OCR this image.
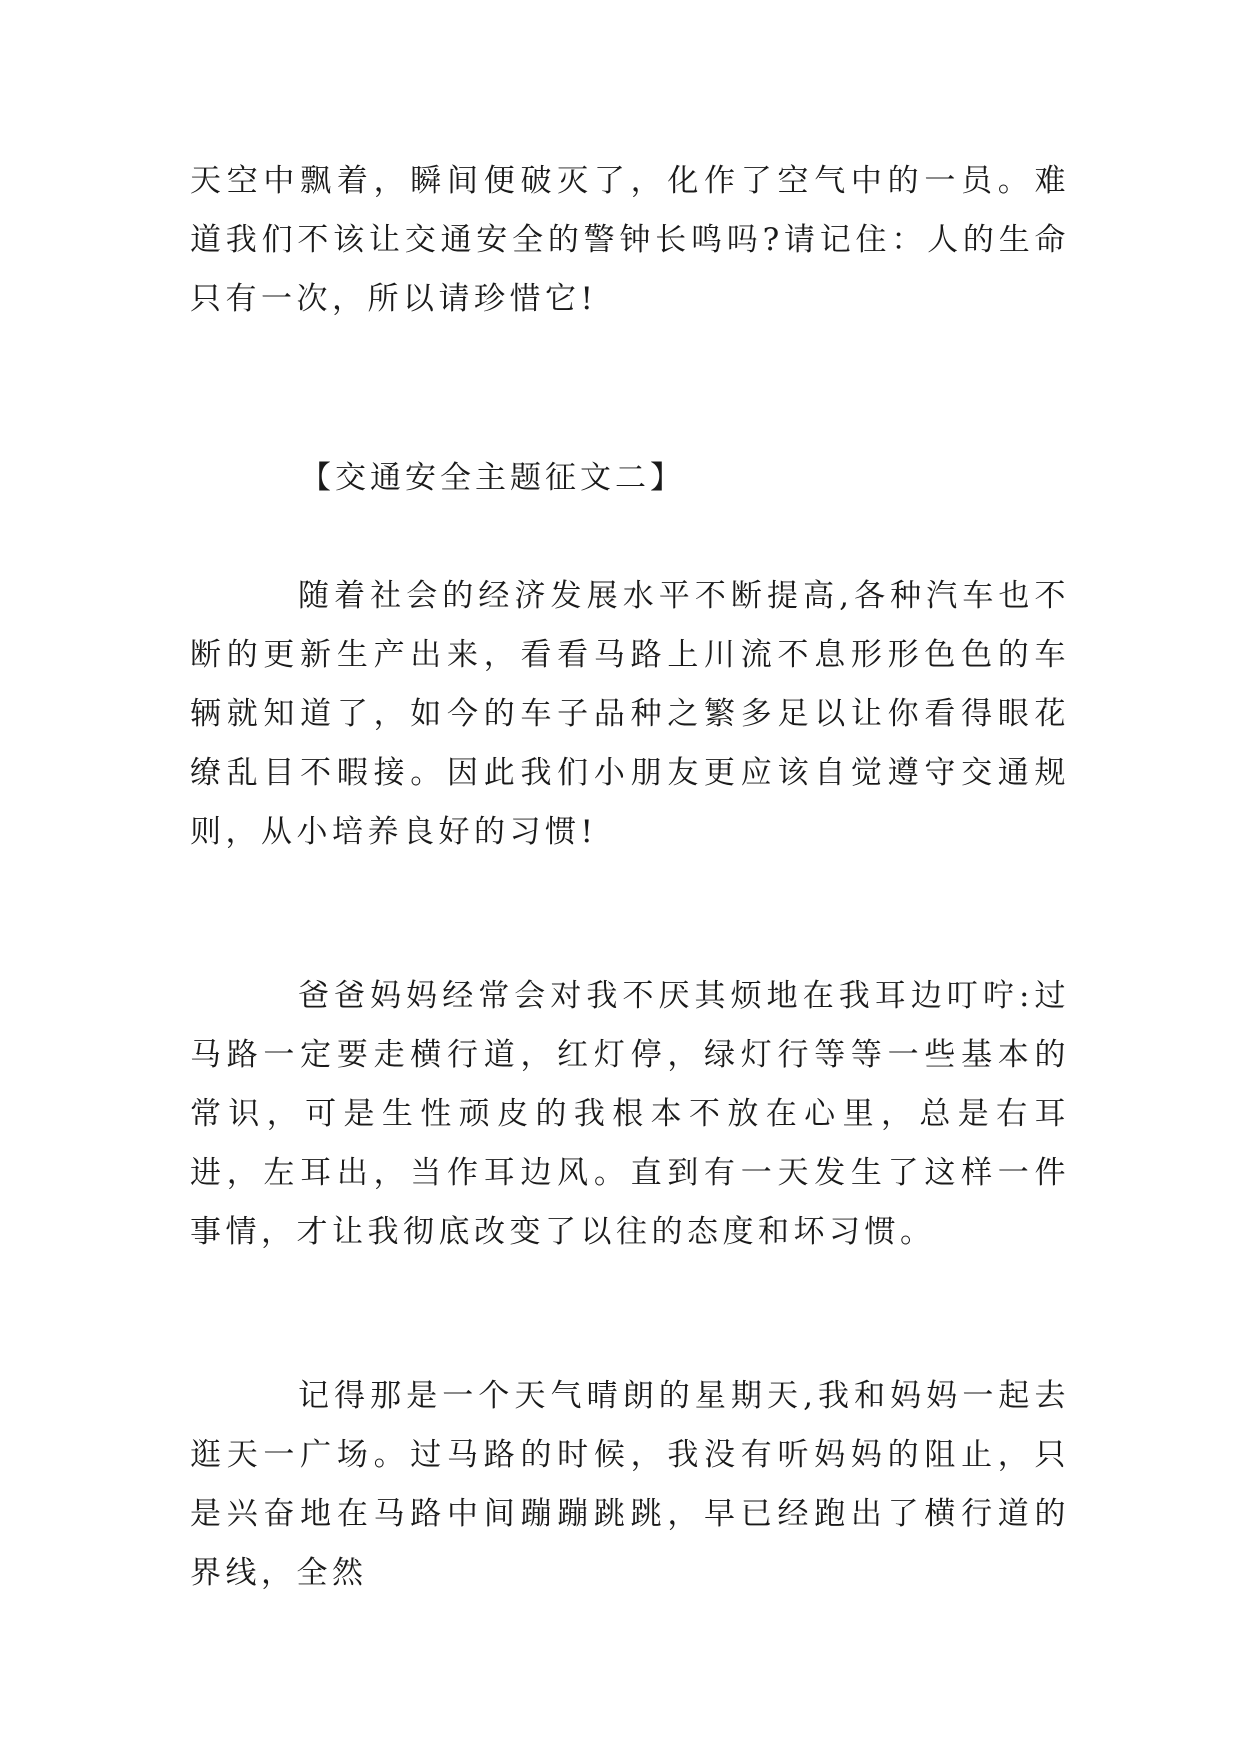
天空中飘着，瞬间便破灭了，化作了空气中的一员。难道我们不该让交通安全的警钟长鸣吗?请记住：人的生命只有一次，所以请珍惜它!

【交通安全主题征文二】

随着社会的经济发展水平不断提高,各种汽车也不断的更新生产出来，看看马路上川流不息形形色色的车辆就知道了，如今的车子品种之繁多足以让你看得眼花缭乱目不暇接。因此我们小朋友更应该自觉遵守交通规则，从小培养良好的习惯!

爸爸妈妈经常会对我不厌其烦地在我耳边叮咛:过马路一定要走横行道，红灯停，绿灯行等等一些基本的常识，可是生性顽皮的我根本不放在心里，总是右耳进，左耳出，当作耳边风。直到有一天发生了这样一件事情，才让我彻底改变了以往的态度和坏习惯。

记得那是一个天气晴朗的星期天,我和妈妈一起去逛天一广场。过马路的时候，我没有听妈妈的阻止，只是兴奋地在马路中间蹦蹦跳跳，早已经跑出了横行道的界线，全然
